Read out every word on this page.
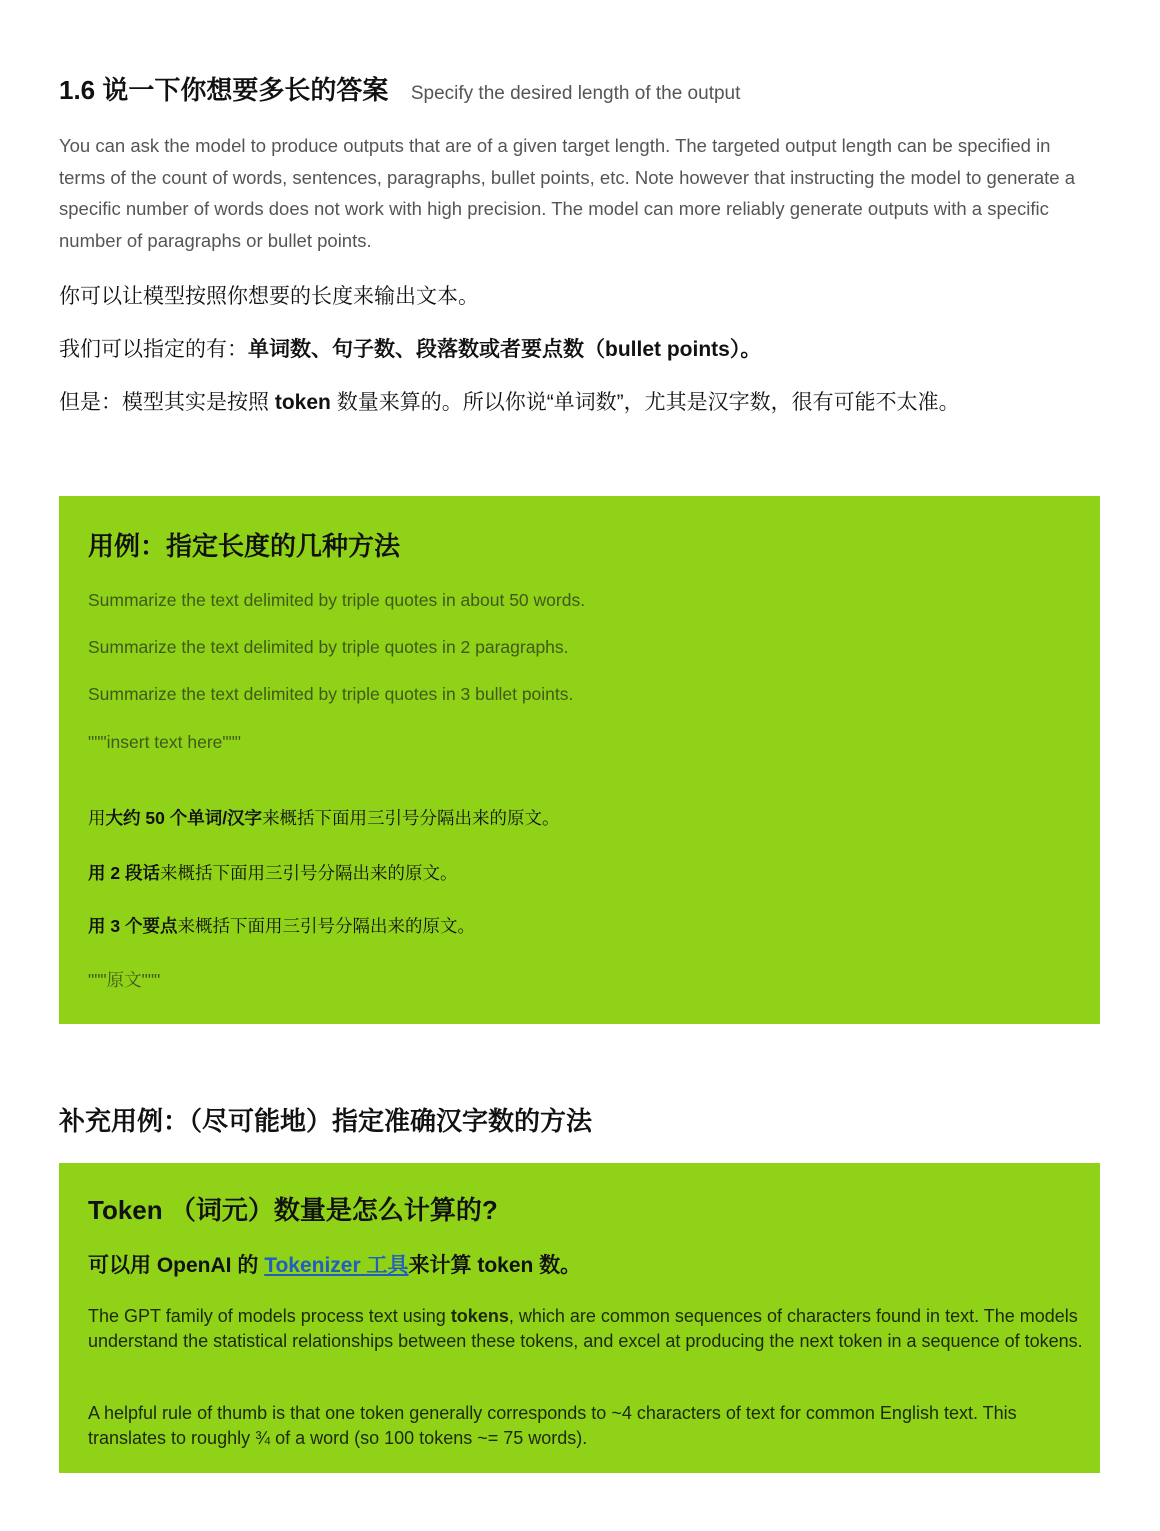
1.6 说一下你想要多长的答案 Specify the desired length of the output
You can ask the model to produce outputs that are of a given target length. The targeted output length can be specified in terms of the count of words, sentences, paragraphs, bullet points, etc. Note however that instructing the model to generate a specific number of words does not work with high precision. The model can more reliably generate outputs with a specific number of paragraphs or bullet points.
你可以让模型按照你想要的长度来输出文本。
我们可以指定的有：单词数、句子数、段落数或者要点数（bullet points）。
但是：模型其实是按照 token 数量来算的。所以你说“单词数”，尤其是汉字数，很有可能不太准。
用例：指定长度的几种方法
Summarize the text delimited by triple quotes in about 50 words.
Summarize the text delimited by triple quotes in 2 paragraphs.
Summarize the text delimited by triple quotes in 3 bullet points.
"""insert text here"""
用大约 50 个单词/汉字来概括下面用三引号分隔出来的原文。
用 2 段话来概括下面用三引号分隔出来的原文。
用 3 个要点来概括下面用三引号分隔出来的原文。
"""原文"""
补充用例：（尽可能地）指定准确汉字数的方法
Token （词元）数量是怎么计算的?
可以用 OpenAI 的 Tokenizer 工具来计算 token 数。
The GPT family of models process text using tokens, which are common sequences of characters found in text. The models understand the statistical relationships between these tokens, and excel at producing the next token in a sequence of tokens.
A helpful rule of thumb is that one token generally corresponds to ~4 characters of text for common English text. This translates to roughly ¾ of a word (so 100 tokens ~= 75 words).
